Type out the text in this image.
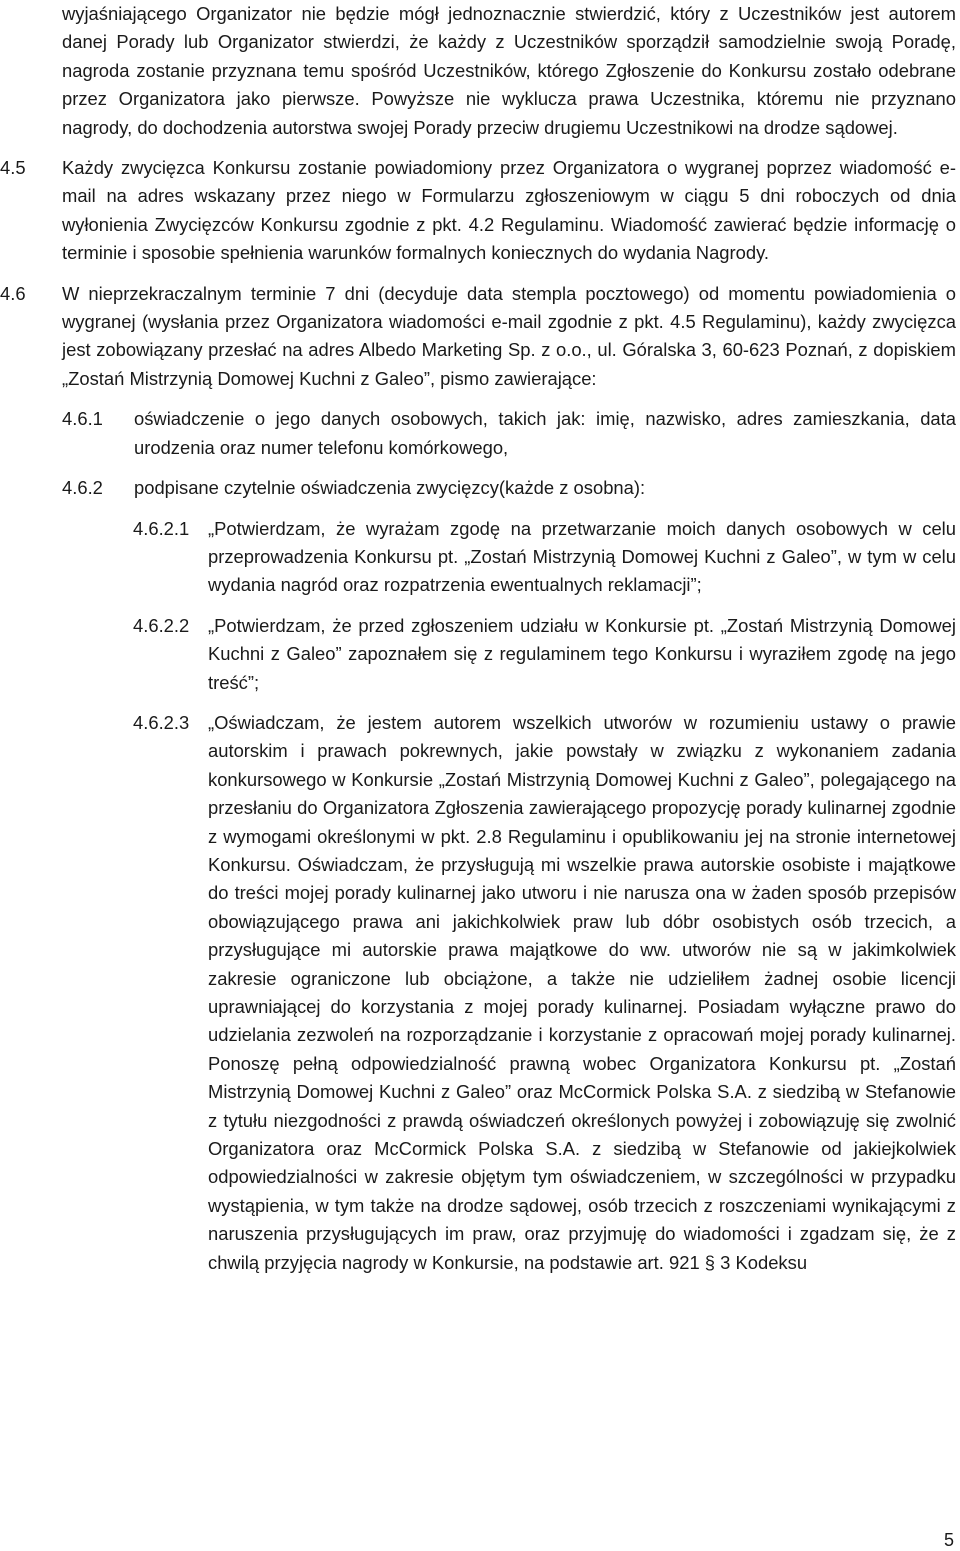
wyjaśniającego Organizator nie będzie mógł jednoznacznie stwierdzić, który z Uczestników jest autorem danej Porady lub Organizator stwierdzi, że każdy z Uczestników sporządził samodzielnie swoją Poradę, nagroda zostanie przyznana temu spośród Uczestników, którego Zgłoszenie do Konkursu zostało odebrane przez Organizatora jako pierwsze. Powyższe nie wyklucza prawa Uczestnika, któremu nie przyznano nagrody, do dochodzenia autorstwa swojej Porady przeciw drugiemu Uczestnikowi na drodze sądowej.

4.5 Każdy zwycięzca Konkursu zostanie powiadomiony przez Organizatora o wygranej poprzez wiadomość e-mail na adres wskazany przez niego w Formularzu zgłoszeniowym w ciągu 5 dni roboczych od dnia wyłonienia Zwycięzców Konkursu zgodnie z pkt. 4.2 Regulaminu. Wiadomość zawierać będzie informację o terminie i sposobie spełnienia warunków formalnych koniecznych do wydania Nagrody.

4.6 W nieprzekraczalnym terminie 7 dni (decyduje data stempla pocztowego) od momentu powiadomienia o wygranej (wysłania przez Organizatora wiadomości e-mail zgodnie z pkt. 4.5 Regulaminu), każdy zwycięzca jest zobowiązany przesłać na adres Albedo Marketing Sp. z o.o., ul. Góralska 3, 60-623 Poznań, z dopiskiem „Zostań Mistrzynią Domowej Kuchni z Galeo”, pismo zawierające:

4.6.1 oświadczenie o jego danych osobowych, takich jak: imię, nazwisko, adres zamieszkania, data urodzenia oraz numer telefonu komórkowego,

4.6.2 podpisane czytelnie oświadczenia zwycięzcy(każde z osobna):

4.6.2.1 „Potwierdzam, że wyrażam zgodę na przetwarzanie moich danych osobowych w celu przeprowadzenia Konkursu pt. „Zostań Mistrzynią Domowej Kuchni z Galeo”, w tym w celu wydania nagród oraz rozpatrzenia ewentualnych reklamacji”;

4.6.2.2 „Potwierdzam, że przed zgłoszeniem udziału w Konkursie pt. „Zostań Mistrzynią Domowej Kuchni z Galeo” zapoznałem się z regulaminem tego Konkursu i wyraziłem zgodę na jego treść”;

4.6.2.3 „Oświadczam, że jestem autorem wszelkich utworów w rozumieniu ustawy o prawie autorskim i prawach pokrewnych, jakie powstały w związku z wykonaniem zadania konkursowego w Konkursie „Zostań Mistrzynią Domowej Kuchni z Galeo”, polegającego na przesłaniu do Organizatora Zgłoszenia zawierającego propozycję porady kulinarnej zgodnie z wymogami określonymi w pkt. 2.8 Regulaminu i opublikowaniu jej na stronie internetowej Konkursu. Oświadczam, że przysługują mi wszelkie prawa autorskie osobiste i majątkowe do treści mojej porady kulinarnej jako utworu i nie narusza ona w żaden sposób przepisów obowiązującego prawa ani jakichkolwiek praw lub dóbr osobistych osób trzecich, a przysługujące mi autorskie prawa majątkowe do ww. utworów nie są w jakimkolwiek zakresie ograniczone lub obciążone, a także nie udzieliłem żadnej osobie licencji uprawniającej do korzystania z mojej porady kulinarnej. Posiadam wyłączne prawo do udzielania zezwoleń na rozporządzanie i korzystanie z opracowań mojej porady kulinarnej. Ponoszę pełną odpowiedzialność prawną wobec Organizatora Konkursu pt. „Zostań Mistrzynią Domowej Kuchni z Galeo” oraz McCormick Polska S.A. z siedzibą w Stefanowie z tytułu niezgodności z prawdą oświadczeń określonych powyżej i zobowiązuję się zwolnić Organizatora oraz McCormick Polska S.A. z siedzibą w Stefanowie od jakiejkolwiek odpowiedzialności w zakresie objętym tym oświadczeniem, w szczególności w przypadku wystąpienia, w tym także na drodze sądowej, osób trzecich z roszczeniami wynikającymi z naruszenia przysługujących im praw, oraz przyjmuję do wiadomości i zgadzam się, że z chwilą przyjęcia nagrody w Konkursie, na podstawie art. 921 § 3 Kodeksu

5
